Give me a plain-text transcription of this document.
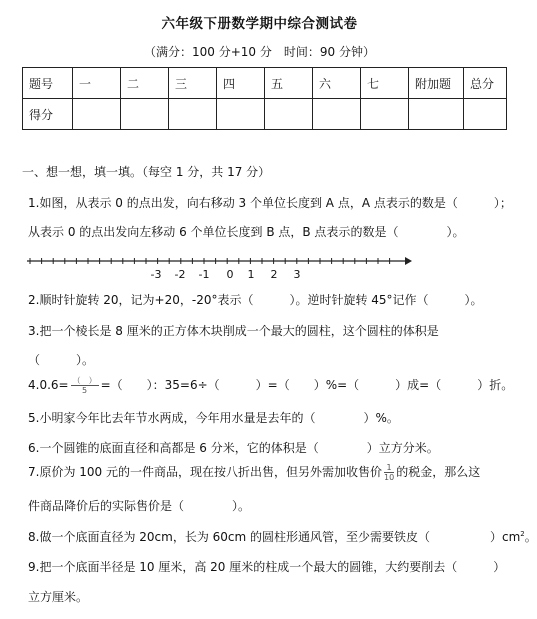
六年级下册数学期中综合测试卷
（满分：100 分+10 分　时间：90 分钟）
题号	一	二	三	四	五	六	七	附加题	总分
得分									
一、想一想，填一填。（每空 1 分，共 17 分）
1.如图，从表示 0 的点出发，向右移动 3 个单位长度到 A 点，A 点表示的数是（　　　）；
从表示 0 的点出发向左移动 6 个单位长度到 B 点，B 点表示的数是（　　　　）。
-3 -2 -1 0 1 2 3
2.顺时针旋转 20，记为+20，-20°表示（　　　）。逆时针旋转 45°记作（　　　）。
3.把一个棱长是 8 厘米的正方体木块削成一个最大的圆柱，这个圆柱的体积是
（　　　）。
$4.0.6= \frac{( )}{5}$ =（　　）：35=6÷（　　　）=（　　）%=（　　　）成=（　　　）折。
5.小明家今年比去年节水两成，今年用水量是去年的（　　　　）%。
6.一个圆锥的底面直径和高都是 6 分米，它的体积是（　　　　）立方分米。
7.原价为 100 元的一件商品，现在按八折出售，但另外需加收售价 $\frac{1}{10}$ 的税金，那么这
件商品降价后的实际售价是（　　　　）。
8.做一个底面直径为 20cm，长为 60cm 的圆柱形通风管，至少需要铁皮（　　　　　）$cm^2$。
9.把一个底面半径是 10 厘米，高 20 厘米的柱成一个最大的圆锥，大约要削去（　　　）
立方厘米。
